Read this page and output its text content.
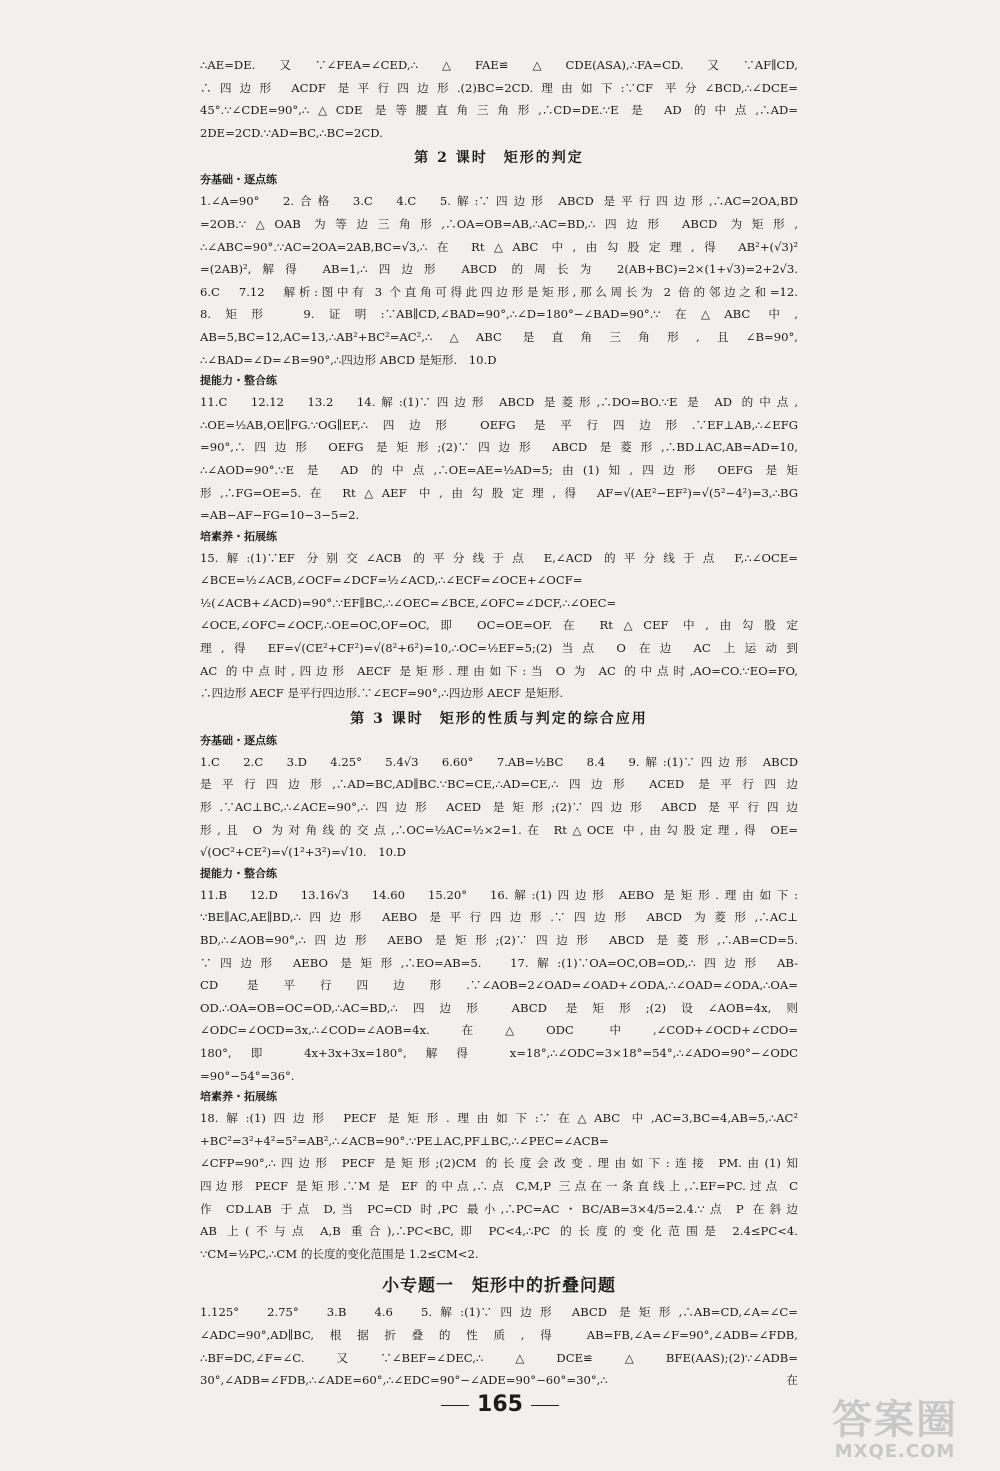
∴AE=DE.又∵∠FEA=∠CED,∴△FAE≌△CDE(ASA),∴FA=CD.又∵AF∥CD,
∴四边形 ACDF 是平行四边形.(2)BC=2CD.理由如下:∵CF 平分∠BCD,∴∠DCE=
45°.∵∠CDE=90°,∴△CDE 是等腰直角三角形,∴CD=DE.∵E 是 AD 的中点,∴AD=
2DE=2CD.∵AD=BC,∴BC=2CD.
第 2 课时　矩形的判定
夯基础・逐点练
1.∠A=90°　2.合格　3.C　4.C　5.解:∵四边形 ABCD 是平行四边形,∴AC=2OA,BD
=2OB.∵△OAB 为等边三角形,∴OA=OB=AB,∴AC=BD,∴四边形 ABCD 为矩形,
∴∠ABC=90°.∵AC=2OA=2AB,BC=√3,∴在 Rt△ABC 中,由勾股定理,得 AB²+(√3)²
=(2AB)²,解得 AB=1,∴四边形 ABCD 的周长为 2(AB+BC)=2×(1+√3)=2+2√3.
6.C　7.12　解析:图中有 3 个直角可得此四边形是矩形,那么周长为 2 倍的邻边之和=12.
8.矩形　9.证明:∵AB∥CD,∠BAD=90°,∴∠D=180°−∠BAD=90°.∵在△ABC 中,
AB=5,BC=12,AC=13,∴AB²+BC²=AC²,∴△ABC 是直角三角形,且∠B=90°,
∴∠BAD=∠D=∠B=90°,∴四边形 ABCD 是矩形.　10.D
提能力・整合练
11.C　12.12　13.2　14.解:(1)∵四边形 ABCD 是菱形,∴DO=BO.∵E 是 AD 的中点,
∴OE=½AB,OE∥FG.∵OG∥EF,∴四边形 OEFG 是平行四边形.∵EF⊥AB,∴∠EFG
=90°,∴四边形 OEFG 是矩形;(2)∵四边形 ABCD 是菱形,∴BD⊥AC,AB=AD=10,
∴∠AOD=90°.∵E 是 AD 的中点,∴OE=AE=½AD=5;由(1)知,四边形 OEFG 是矩
形,∴FG=OE=5.在 Rt△AEF 中,由勾股定理,得 AF=√(AE²−EF²)=√(5²−4²)=3,∴BG
=AB−AF−FG=10−3−5=2.
培素养・拓展练
15.解:(1)∵EF 分别交∠ACB 的平分线于点 E,∠ACD 的平分线于点 F,∴∠OCE=
∠BCE=½∠ACB,∠OCF=∠DCF=½∠ACD,∴∠ECF=∠OCE+∠OCF=
½(∠ACB+∠ACD)=90°.∵EF∥BC,∴∠OEC=∠BCE,∠OFC=∠DCF,∴∠OEC=
∠OCE,∠OFC=∠OCF,∴OE=OC,OF=OC,即 OC=OE=OF.在 Rt△CEF 中,由勾股定
理,得 EF=√(CE²+CF²)=√(8²+6²)=10,∴OC=½EF=5;(2)当点 O 在边 AC 上运动到
AC 的中点时,四边形 AECF 是矩形.理由如下:当 O 为 AC 的中点时,AO=CO.∵EO=FO,
∴四边形 AECF 是平行四边形.∵∠ECF=90°,∴四边形 AECF 是矩形.
第 3 课时　矩形的性质与判定的综合应用
夯基础・逐点练
1.C　2.C　3.D　4.25°　5.4√3　6.60°　7.AB=½BC　8.4　9.解:(1)∵四边形 ABCD
是平行四边形,∴AD=BC,AD∥BC.∵BC=CE,∴AD=CE,∴四边形 ACED 是平行四边
形.∵AC⊥BC,∴∠ACE=90°,∴四边形 ACED 是矩形;(2)∵四边形 ABCD 是平行四边
形,且 O 为对角线的交点,∴OC=½AC=½×2=1.在 Rt△OCE 中,由勾股定理,得 OE=
√(OC²+CE²)=√(1²+3²)=√10.　10.D
提能力・整合练
11.B　12.D　13.16√3　14.60　15.20°　16.解:(1)四边形 AEBO 是矩形.理由如下:
∵BE∥AC,AE∥BD,∴四边形 AEBO 是平行四边形.∵四边形 ABCD 为菱形,∴AC⊥
BD,∴∠AOB=90°,∴四边形 AEBO 是矩形;(2)∵四边形 ABCD 是菱形,∴AB=CD=5.
∵四边形 AEBO 是矩形,∴EO=AB=5.　17.解:(1)∵OA=OC,OB=OD,∴四边形 AB-
CD 是平行四边形.∵∠AOB=2∠OAD=∠OAD+∠ODA,∴∠OAD=∠ODA,∴OA=
OD.∴OA=OB=OC=OD,∴AC=BD,∴四边形 ABCD 是矩形;(2)设∠AOB=4x,则
∠ODC=∠OCD=3x,∴∠COD=∠AOB=4x.在△ODC 中,∠COD+∠OCD+∠CDO=
180°,即 4x+3x+3x=180°,解得 x=18°,∴∠ODC=3×18°=54°,∴∠ADO=90°−∠ODC
=90°−54°=36°.
培素养・拓展练
18.解:(1)四边形 PECF 是矩形.理由如下:∵在△ABC 中,AC=3,BC=4,AB=5,∴AC²
+BC²=3²+4²=5²=AB²,∴∠ACB=90°.∵PE⊥AC,PF⊥BC,∴∠PEC=∠ACB=
∠CFP=90°,∴四边形 PECF 是矩形;(2)CM 的长度会改变.理由如下:连接 PM.由(1)知
四边形 PECF 是矩形.∵M 是 EF 的中点,∴点 C,M,P 三点在一条直线上,∴EF=PC.过点 C
作 CD⊥AB 于点 D,当 PC=CD 时,PC 最小,∴PC=AC・BC/AB=3×4/5=2.4.∵点 P 在斜边
AB 上(不与点 A,B 重合),∴PC<BC,即 PC<4,∴PC 的长度的变化范围是 2.4≤PC<4.
∵CM=½PC,∴CM 的长度的变化范围是 1.2≤CM<2.
小专题一　矩形中的折叠问题
1.125°　2.75°　3.B　4.6　5.解:(1)∵四边形 ABCD 是矩形,∴AB=CD,∠A=∠C=
∠ADC=90°,AD∥BC,根据折叠的性质,得 AB=FB,∠A=∠F=90°,∠ADB=∠FDB,
∴BF=DC,∠F=∠C.又∵∠BEF=∠DEC,∴△DCE≌△BFE(AAS);(2)∵∠ADB=
30°,∠ADB=∠FDB,∴∠ADE=60°,∴∠EDC=90°−∠ADE=90°−60°=30°,∴在
165	答案圈
MXQE.COM
